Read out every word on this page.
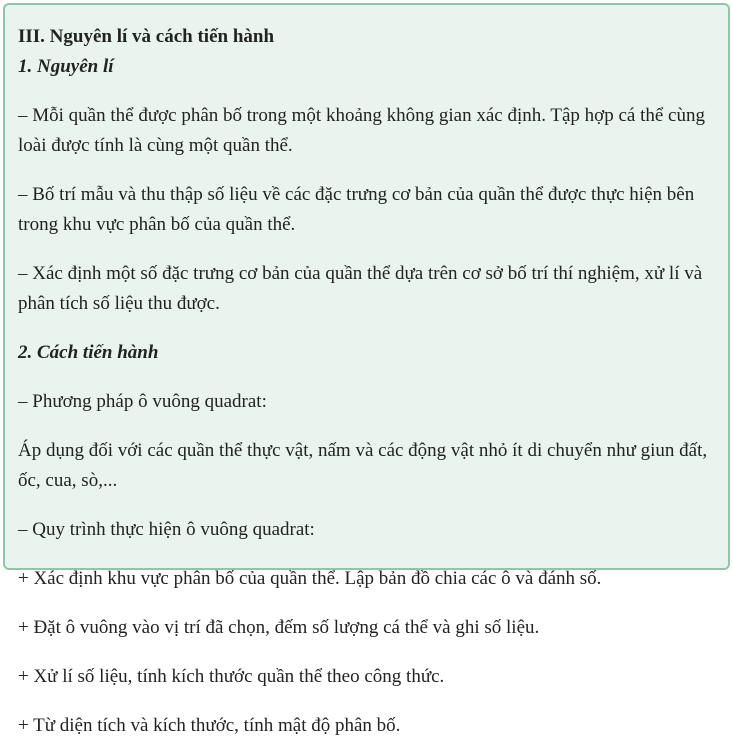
III. Nguyên lí và cách tiến hành

1. Nguyên lí

– Mỗi quần thể được phân bố trong một khoảng không gian xác định. Tập hợp cá thể cùng loài được tính là cùng một quần thể.

– Bố trí mẫu và thu thập số liệu về các đặc trưng cơ bản của quần thể được thực hiện bên trong khu vực phân bố của quần thể.

– Xác định một số đặc trưng cơ bản của quần thể dựa trên cơ sở bố trí thí nghiệm, xử lí và phân tích số liệu thu được.

2. Cách tiến hành

– Phương pháp ô vuông quadrat:

Áp dụng đối với các quần thể thực vật, nấm và các động vật nhỏ ít di chuyển như giun đất, ốc, cua, sò,...

– Quy trình thực hiện ô vuông quadrat:

+ Xác định khu vực phân bố của quần thể. Lập bản đồ chia các ô và đánh số.

+ Đặt ô vuông vào vị trí đã chọn, đếm số lượng cá thể và ghi số liệu.

+ Xử lí số liệu, tính kích thước quần thể theo công thức.

+ Từ diện tích và kích thước, tính mật độ phân bố.
